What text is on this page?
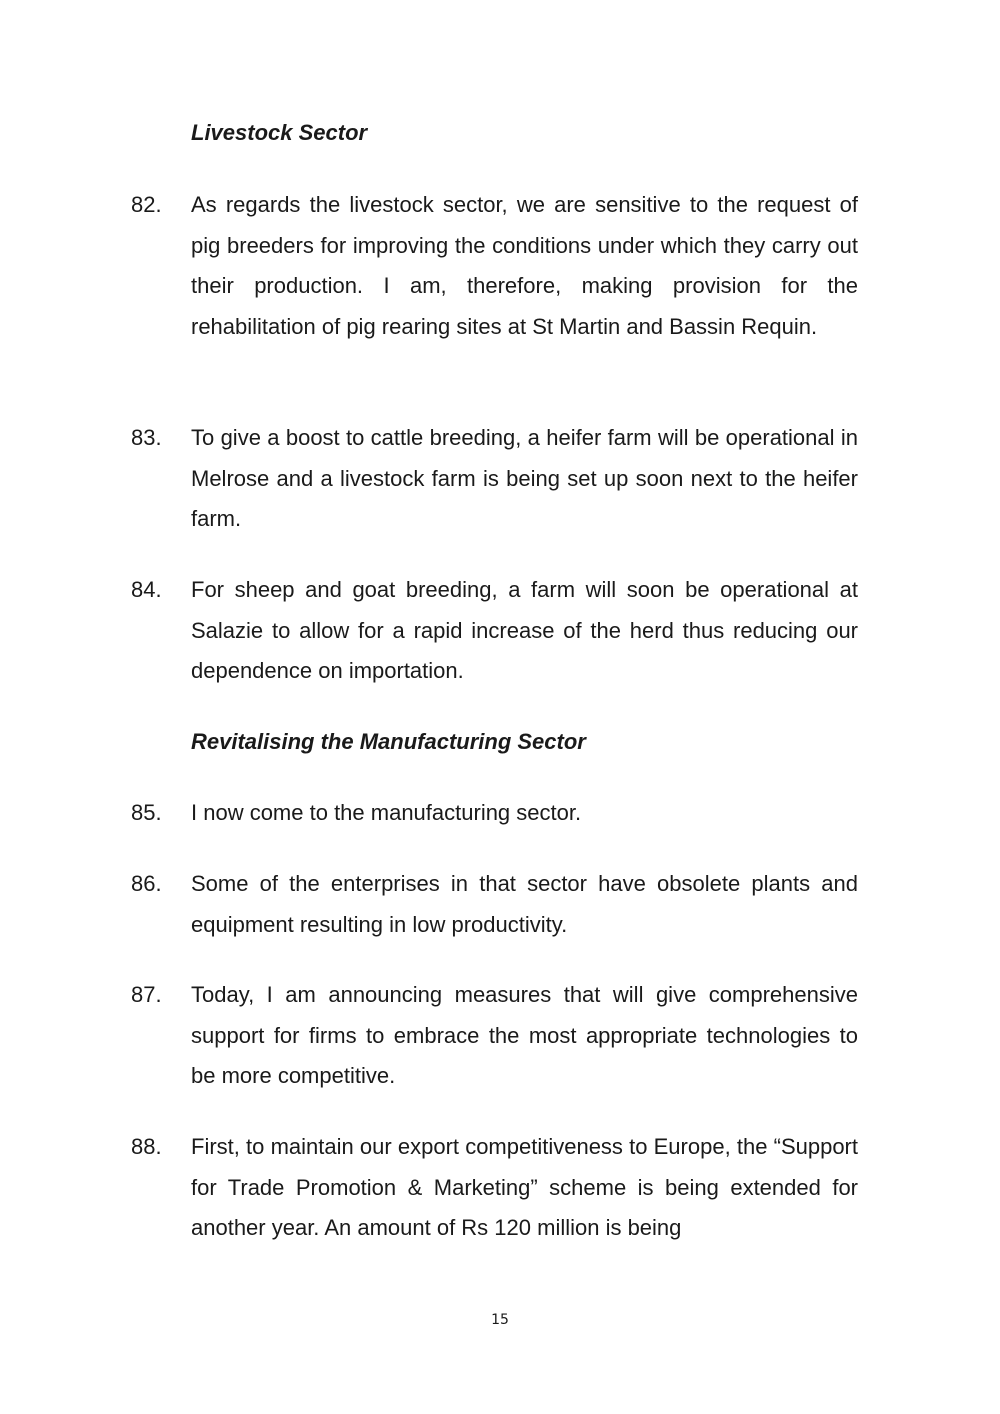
Livestock Sector
82.	As regards the livestock sector, we are sensitive to the request of pig breeders for improving the conditions under which they carry out their production. I am, therefore, making provision for the rehabilitation of pig rearing sites at St Martin and Bassin Requin.
83.	To give a boost to cattle breeding, a heifer farm will be operational in Melrose and a livestock farm is being set up soon next to the heifer farm.
84.	For sheep and goat breeding, a farm will soon be operational at Salazie to allow for a rapid increase of the herd thus reducing our dependence on importation.
Revitalising the Manufacturing Sector
85.	I now come to the manufacturing sector.
86.	Some of the enterprises in that sector have obsolete plants and equipment resulting in low productivity.
87.	Today, I am announcing measures that will give comprehensive support for firms to embrace the most appropriate technologies to be more competitive.
88.	First, to maintain our export competitiveness to Europe, the “Support for Trade Promotion & Marketing” scheme is being extended for another year. An amount of Rs 120 million is being
15
